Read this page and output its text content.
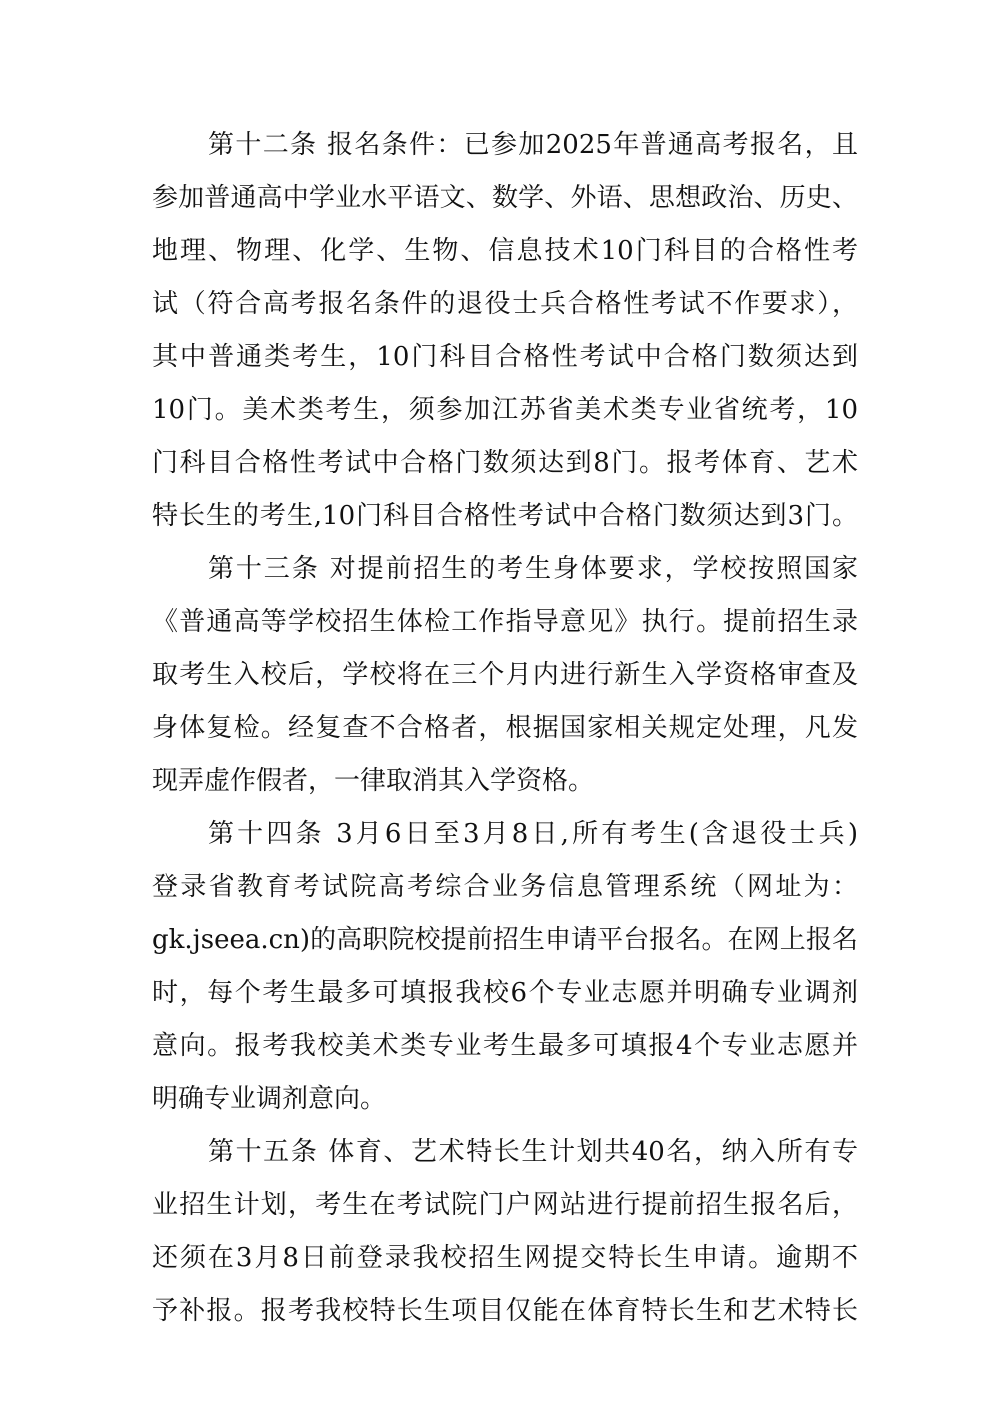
第十二条 报名条件：已参加2025年普通高考报名，且
参加普通高中学业水平语文、数学、外语、思想政治、历史、
地理、物理、化学、生物、信息技术10门科目的合格性考
试（符合高考报名条件的退役士兵合格性考试不作要求），
其中普通类考生，10门科目合格性考试中合格门数须达到
10门。美术类考生，须参加江苏省美术类专业省统考，10
门科目合格性考试中合格门数须达到8门。报考体育、艺术
特长生的考生,10门科目合格性考试中合格门数须达到3门。
第十三条 对提前招生的考生身体要求，学校按照国家
《普通高等学校招生体检工作指导意见》执行。提前招生录
取考生入校后，学校将在三个月内进行新生入学资格审查及
身体复检。经复查不合格者，根据国家相关规定处理，凡发
现弄虚作假者，一律取消其入学资格。
第十四条 3月6日至3月8日,所有考生(含退役士兵)
登录省教育考试院高考综合业务信息管理系统（网址为：
gk.jseea.cn)的高职院校提前招生申请平台报名。在网上报名
时，每个考生最多可填报我校6个专业志愿并明确专业调剂
意向。报考我校美术类专业考生最多可填报4个专业志愿并
明确专业调剂意向。
第十五条 体育、艺术特长生计划共40名，纳入所有专
业招生计划，考生在考试院门户网站进行提前招生报名后，
还须在3月8日前登录我校招生网提交特长生申请。逾期不
予补报。报考我校特长生项目仅能在体育特长生和艺术特长
